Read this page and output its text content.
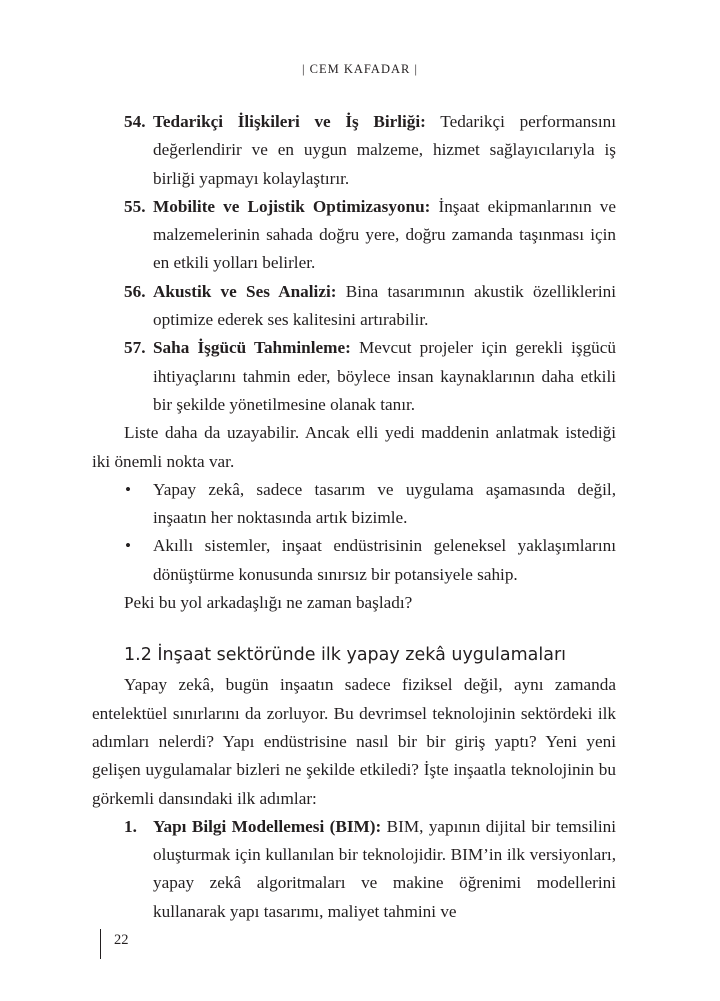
| CEM KAFADAR |
54. Tedarikçi İlişkileri ve İş Birliği: Tedarikçi performansını değerlendirir ve en uygun malzeme, hizmet sağlayıcılarıyla iş birliği yapmayı kolaylaştırır.
55. Mobilite ve Lojistik Optimizasyonu: İnşaat ekipmanlarının ve malzemelerinin sahada doğru yere, doğru zamanda taşınması için en etkili yolları belirler.
56. Akustik ve Ses Analizi: Bina tasarımının akustik özelliklerini optimize ederek ses kalitesini artırabilir.
57. Saha İşgücü Tahminleme: Mevcut projeler için gerekli işgücü ihtiyaçlarını tahmin eder, böylece insan kaynaklarının daha etkili bir şekilde yönetilmesine olanak tanır.
Liste daha da uzayabilir. Ancak elli yedi maddenin anlatmak istediği iki önemli nokta var.
• Yapay zekâ, sadece tasarım ve uygulama aşamasında değil, inşaatın her noktasında artık bizimle.
• Akıllı sistemler, inşaat endüstrisinin geleneksel yaklaşımlarını dönüştürme konusunda sınırsız bir potansiyele sahip.
Peki bu yol arkadaşlığı ne zaman başladı?
1.2 İnşaat sektöründe ilk yapay zekâ uygulamaları
Yapay zekâ, bugün inşaatın sadece fiziksel değil, aynı zamanda entelektüel sınırlarını da zorluyor. Bu devrimsel teknolojinin sektördeki ilk adımları nelerdi? Yapı endüstrisine nasıl bir bir giriş yaptı? Yeni yeni gelişen uygulamalar bizleri ne şekilde etkiledi? İşte inşaatla teknolojinin bu görkemli dansındaki ilk adımlar:
1. Yapı Bilgi Modellemesi (BIM): BIM, yapının dijital bir temsilini oluşturmak için kullanılan bir teknolojidir. BIM’in ilk versiyonları, yapay zekâ algoritmaları ve makine öğrenimi modellerini kullanarak yapı tasarımı, maliyet tahmini ve
22
